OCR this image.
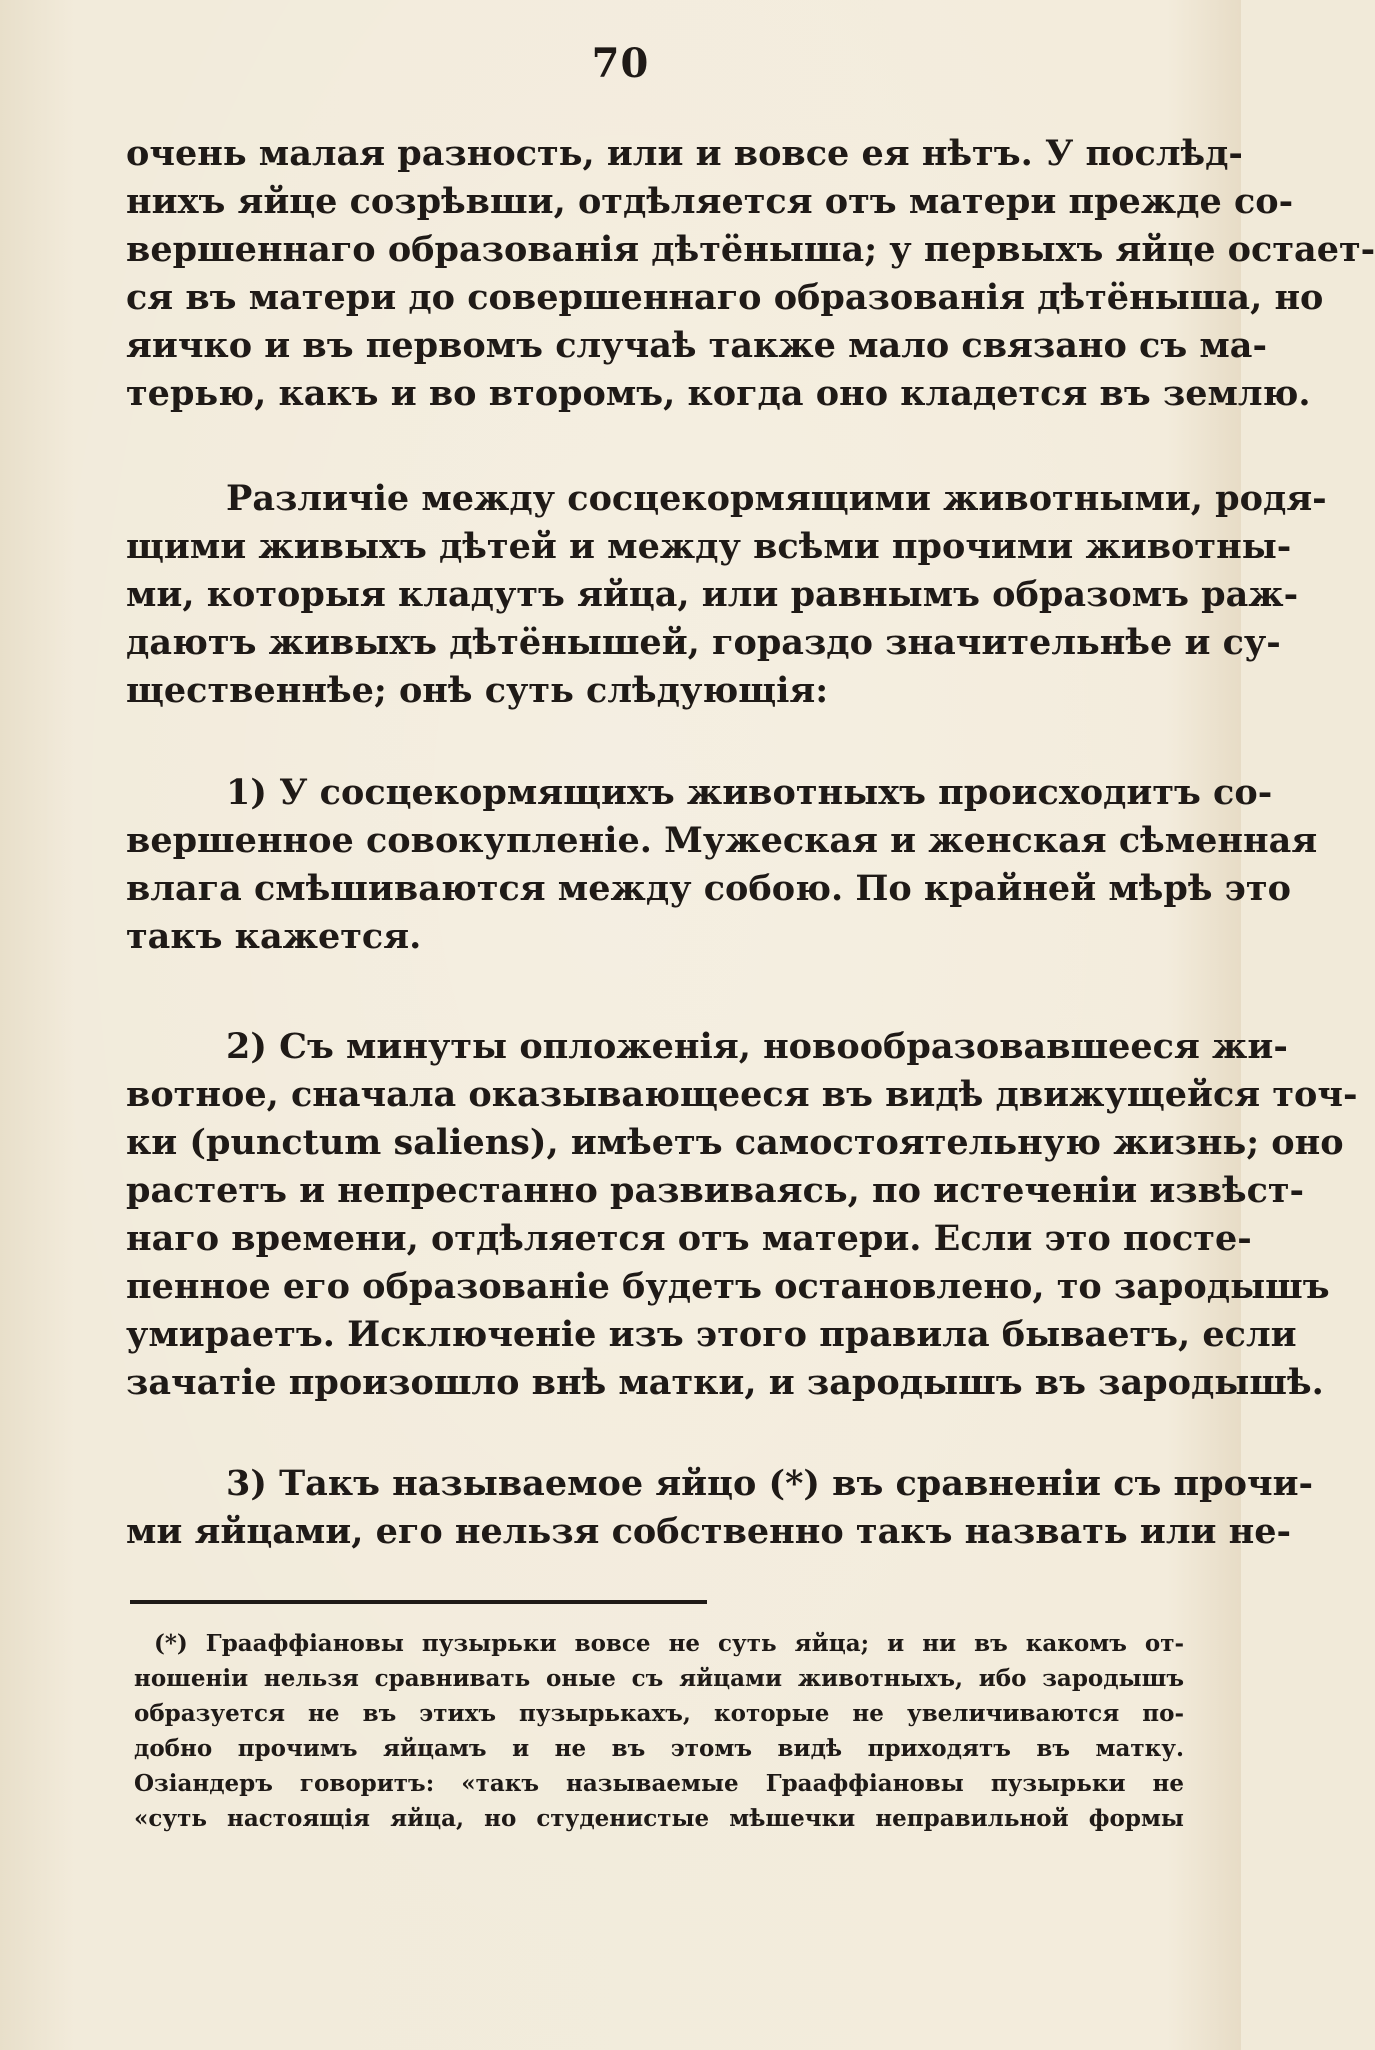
70
очень малая разность, или и вовсе ея нѣтъ. У послѣд-
нихъ яйце созрѣвши, отдѣляется отъ матери прежде со-
вершеннаго образованія дѣтёныша; у первыхъ яйце остает-
ся въ матери до совершеннаго образованія дѣтёныша, но
яичко и въ первомъ случаѣ также мало связано съ ма-
терью, какъ и во второмъ, когда оно кладется въ землю.
Различіе между сосцекормящими животными, родя-
щими живыхъ дѣтей и между всѣми прочими животны-
ми, которыя кладутъ яйца, или равнымъ образомъ раж-
даютъ живыхъ дѣтёнышей, гораздо значительнѣе и су-
щественнѣе; онѣ суть слѣдующія:
1) У сосцекормящихъ животныхъ происходитъ со-
вершенное совокупленіе. Мужеская и женская сѣменная
влага смѣшиваются между собою. По крайней мѣрѣ это
такъ кажется.
2) Съ минуты опложенія, новообразовавшееся жи-
вотное, сначала оказывающееся въ видѣ движущейся точ-
ки (punctum saliens), имѣетъ самостоятельную жизнь; оно
растетъ и непрестанно развиваясь, по истеченіи извѣст-
наго времени, отдѣляется отъ матери. Если это посте-
пенное его образованіе будетъ остановлено, то зародышъ
умираетъ. Исключеніе изъ этого правила бываетъ, если
зачатіе произошло внѣ матки, и зародышъ въ зародышѣ.
3) Такъ называемое яйцо (*) въ сравненіи съ прочи-
ми яйцами, его нельзя собственно такъ назвать или не-
(*) Грааффіановы пузырьки вовсе не суть яйца; и ни въ какомъ от-
ношеніи нельзя сравнивать оные съ яйцами животныхъ, ибо зародышъ
образуется не въ этихъ пузырькахъ, которые не увеличиваются по-
добно прочимъ яйцамъ и не въ этомъ видѣ приходятъ въ матку.
Озіандеръ говоритъ: «такъ называемые Грааффіановы пузырьки не
«суть настоящія яйца, но студенистые мѣшечки неправильной формы
